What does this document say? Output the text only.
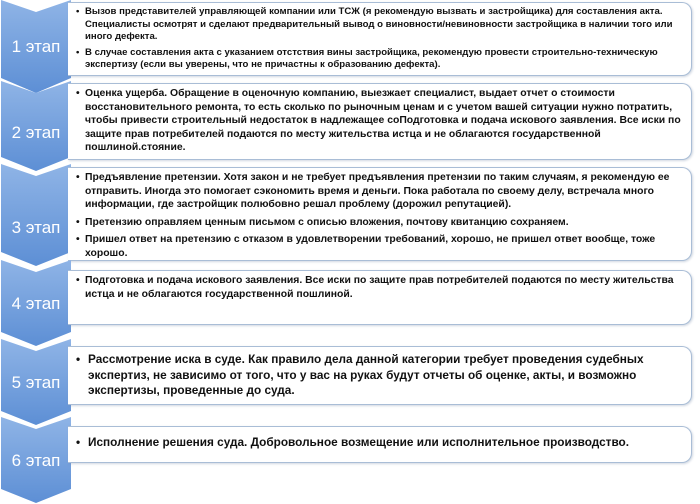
1 этап
• Вызов представителей управляющей компании или ТСЖ (я рекомендую вызвать и застройщика) для составления акта. Специалисты осмотрят и сделают предварительный вывод о виновности/невиновности застройщика в наличии того или иного дефекта.
• В случае составления акта с указанием отстствия вины застройщика, рекомендую провести строительно-техническую экспертизу (если вы уверены, что не причастны к образованию дефекта).
2 этап
• Оценка ущерба. Обращение в оценочную компанию, выезжает специалист, выдает отчет о стоимости восстановительного ремонта, то есть сколько по рыночным ценам и с учетом вашей ситуации нужно потратить, чтобы привести строительный недостаток в надлежащее соПодготовка и подача искового заявления. Все иски по защите прав потребителей подаются по месту жительства истца и не облагаются государственной пошлиной.стояние.
3 этап
• Предъявление претензии. Хотя закон и не требует предъявления претензии по таким случаям, я рекомендую ее отправить. Иногда это помогает сэкономить время и деньги. Пока работала по своему делу, встречала много информации, где застройщик полюбовно решал проблему (дорожил репутацией).
• Претензию оправляем ценным письмом с описью вложения, почтову квитанцию сохраняем.
• Пришел ответ на претензию с отказом в удовлетворении требований, хорошо, не пришел ответ вообще, тоже хорошо.
4 этап
• Подготовка и подача искового заявления. Все иски по защите прав потребителей подаются по месту жительства истца и не облагаются государственной пошлиной.
5 этап
• Рассмотрение иска в суде. Как правило дела данной категории требует проведения судебных экспертиз, не зависимо от того, что у вас на руках будут отчеты об оценке, акты, и возможно экспертизы, проведенные до суда.
6 этап
• Исполнение решения суда. Добровольное возмещение или исполнительное производство.
